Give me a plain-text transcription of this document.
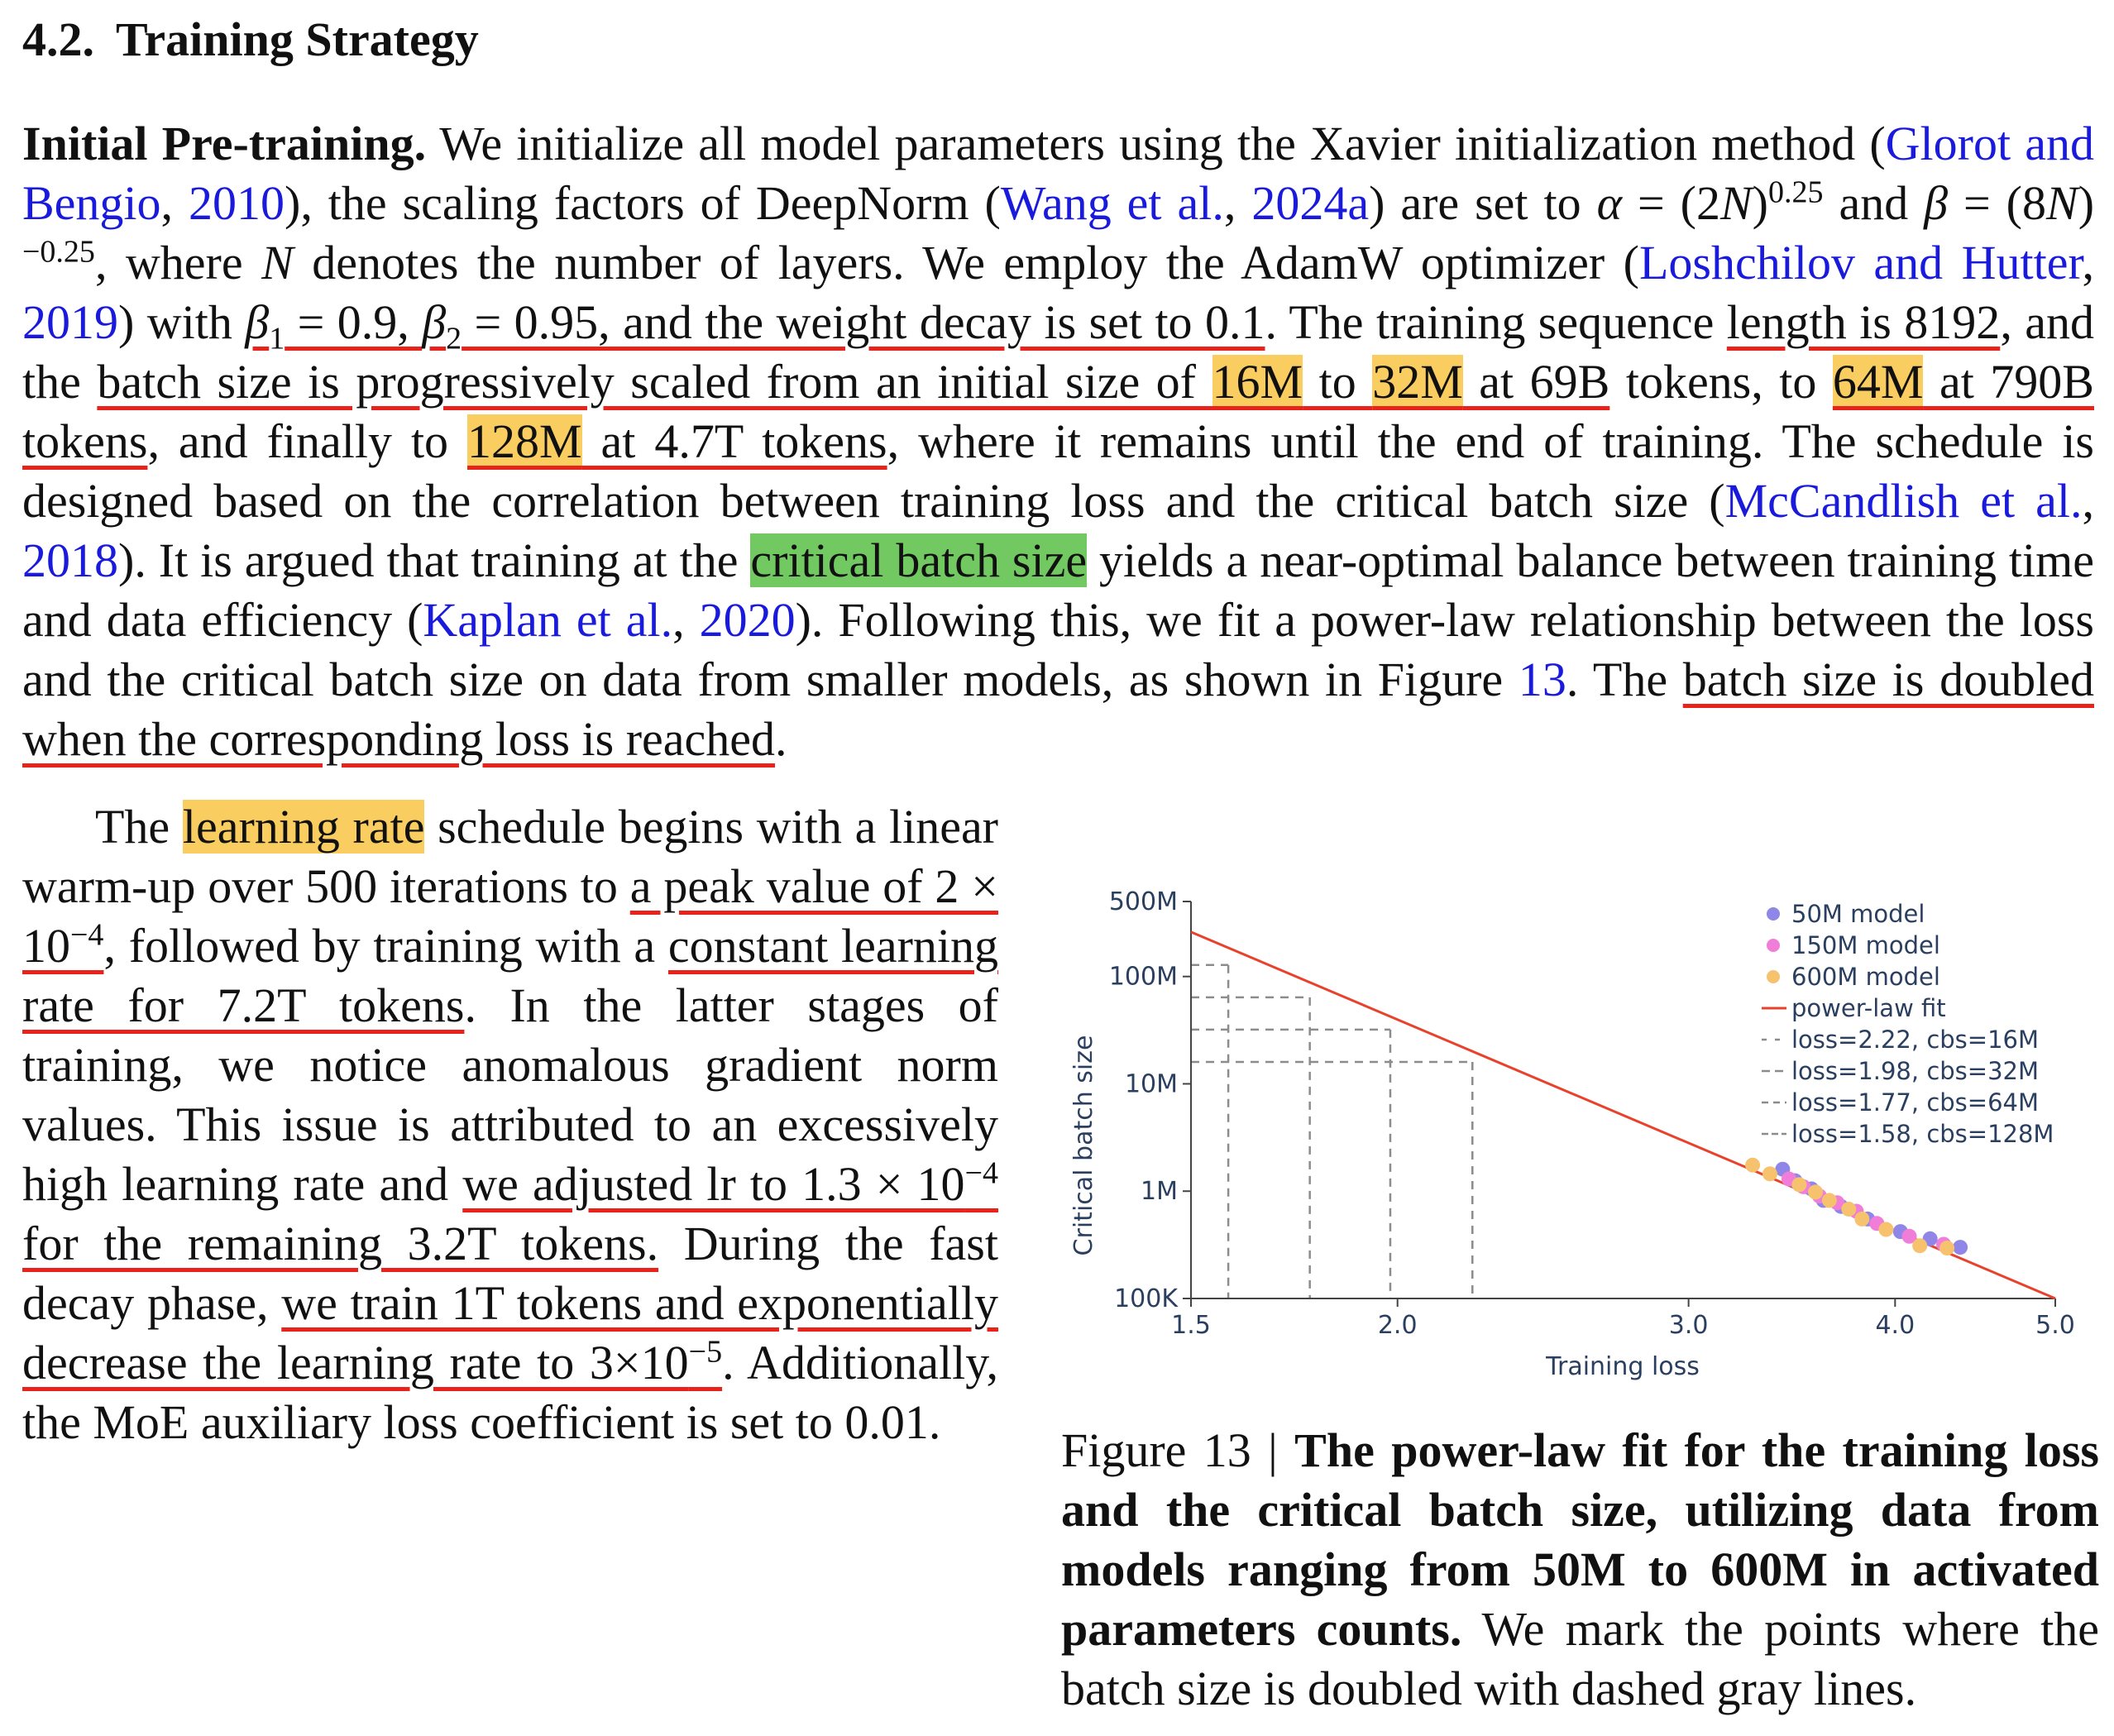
4.2. Training Strategy
Initial Pre-training. We initialize all model parameters using the Xavier initialization method (Glorot and Bengio, 2010), the scaling factors of DeepNorm (Wang et al., 2024a) are set to $\alpha = (2N)^{0.25}$ and $\beta = (8N)^{-0.25}$, where N denotes the number of layers. We employ the AdamW optimizer (Loshchilov and Hutter, 2019) with $\beta_1 = 0.9$, $\beta_2 = 0.95$, and the weight decay is set to 0.1. The training sequence length is 8192, and the batch size is progressively scaled from an initial size of 16M to 32M at 69B tokens, to 64M at 790B tokens, and finally to 128M at 4.7T tokens, where it remains until the end of training. The schedule is designed based on the correlation between training loss and the critical batch size (McCandlish et al., 2018). It is argued that training at the critical batch size yields a near-optimal balance between training time and data efficiency (Kaplan et al., 2020). Following this, we fit a power-law relationship between the loss and the critical batch size on data from smaller models, as shown in Figure 13. The batch size is doubled when the corresponding loss is reached.
The learning rate schedule begins with a linear warm-up over 500 iterations to a peak value of $2 \times 10^{-4}$, followed by training with a constant learning rate for 7.2T tokens. In the latter stages of training, we notice anomalous gradient norm values. This issue is attributed to an excessively high learning rate and we adjusted lr to $1.3 \times 10^{-4}$ for the remaining 3.2T tokens. During the fast decay phase, we train 1T tokens and exponentially decrease the learning rate to $3\times 10^{-5}$. Additionally, the MoE auxiliary loss coefficient is set to 0.01.
1.5	2.0	3.0	4.0	5.0
100K
1M
10M
100M
500M	50M model
150M model
600M model
power-law fit
loss=2.22, cbs=16M
loss=1.98, cbs=32M
loss=1.77, cbs=64M
loss=1.58, cbs=128M
Training loss
Critical batch size
Figure 13 | The power-law fit for the training loss and the critical batch size, utilizing data from models ranging from 50M to 600M in activated parameters counts. We mark the points where the batch size is doubled with dashed gray lines.
